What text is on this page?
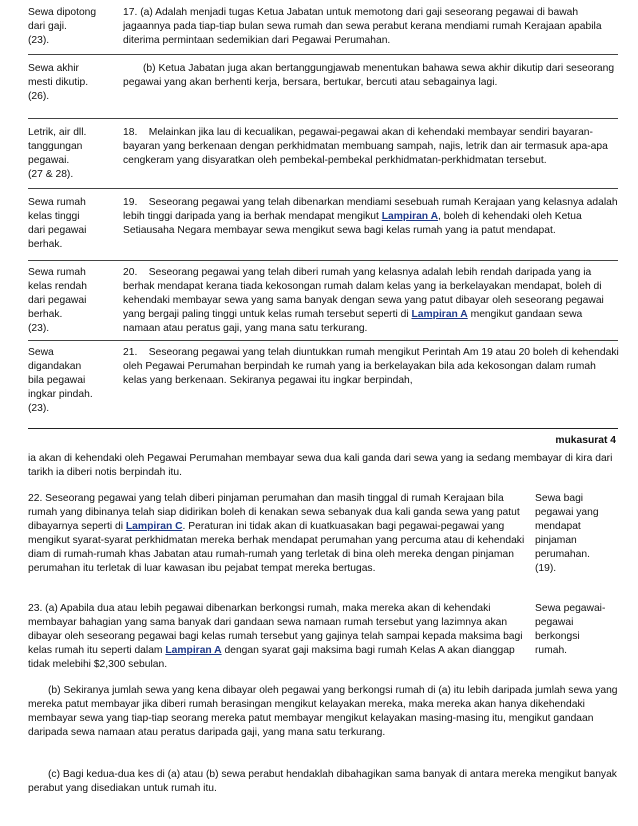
Sewa dipotong
dari gaji.
(23).
17. (a) Adalah menjadi tugas Ketua Jabatan untuk memotong dari gaji seseorang pegawai di bawah jagaannya pada tiap-tiap bulan sewa rumah dan sewa perabut kerana mendiami rumah Kerajaan apabila diterima permintaan sedemikian dari Pegawai Perumahan.
Sewa akhir
mesti dikutip.
(26).
(b) Ketua Jabatan juga akan bertanggungjawab menentukan bahawa sewa akhir dikutip dari seseorang pegawai yang akan berhenti kerja, bersara, bertukar, bercuti atau sebagainya lagi.
Letrik, air dll.
tanggungan
pegawai.
(27 & 28).
18. Melainkan jika lau di kecualikan, pegawai-pegawai akan di kehendaki membayar sendiri bayaran-bayaran yang berkenaan dengan perkhidmatan membuang sampah, najis, letrik dan air termasuk apa-apa cengkeram yang disyaratkan oleh pembekal-pembekal perkhidmatan-perkhidmatan tersebut.
Sewa rumah
kelas tinggi
dari pegawai
berhak.
19. Seseorang pegawai yang telah dibenarkan mendiami sesebuah rumah Kerajaan yang kelasnya adalah lebih tinggi daripada yang ia berhak mendapat mengikut Lampiran A, boleh di kehendaki oleh Ketua Setiausaha Negara membayar sewa mengikut sewa bagi kelas rumah yang ia patut mendapat.
Sewa rumah
kelas rendah
dari pegawai
berhak.
(23).
20. Seseorang pegawai yang telah diberi rumah yang kelasnya adalah lebih rendah daripada yang ia berhak mendapat kerana tiada kekosongan rumah dalam kelas yang ia berkelayakan mendapat, boleh di kehendaki membayar sewa yang sama banyak dengan sewa yang patut dibayar oleh seseorang pegawai yang bergaji paling tinggi untuk kelas rumah tersebut seperti di Lampiran A mengikut gandaan sewa namaan atau peratus gaji, yang mana satu terkurang.
Sewa
digandakan
bila pegawai
ingkar pindah.
(23).
21. Seseorang pegawai yang telah diuntukkan rumah mengikut Perintah Am 19 atau 20 boleh di kehendaki oleh Pegawai Perumahan berpindah ke rumah yang ia berkelayakan bila ada kekosongan dalam rumah kelas yang berkenaan. Sekiranya pegawai itu ingkar berpindah,
mukasurat 4
ia akan di kehendaki oleh Pegawai Perumahan membayar sewa dua kali ganda dari sewa yang ia sedang membayar di kira dari tarikh ia diberi notis berpindah itu.
22. Seseorang pegawai yang telah diberi pinjaman perumahan dan masih tinggal di rumah Kerajaan bila rumah yang dibinanya telah siap didirikan boleh di kenakan sewa sebanyak dua kali ganda sewa yang patut dibayarnya seperti di Lampiran C. Peraturan ini tidak akan di kuatkuasakan bagi pegawai-pegawai yang mengikut syarat-syarat perkhidmatan mereka berhak mendapat perumahan yang percuma atau di kehendaki diam di rumah-rumah khas Jabatan atau rumah-rumah yang terletak di bina oleh mereka dengan pinjaman perumahan itu terletak di luar kawasan ibu pejabat tempat mereka bertugas.
Sewa bagi
pegawai yang
mendapat
pinjaman
perumahan.
(19).
23. (a) Apabila dua atau lebih pegawai dibenarkan berkongsi rumah, maka mereka akan di kehendaki membayar bahagian yang sama banyak dari gandaan sewa namaan rumah tersebut yang lazimnya akan dibayar oleh seseorang pegawai bagi kelas rumah tersebut yang gajinya telah sampai kepada maksima bagi kelas rumah itu seperti dalam Lampiran A dengan syarat gaji maksima bagi rumah Kelas A akan dianggap tidak melebihi $2,300 sebulan.
Sewa pegawai-
pegawai
berkongsi
rumah.
(b) Sekiranya jumlah sewa yang kena dibayar oleh pegawai yang berkongsi rumah di (a) itu lebih daripada jumlah sewa yang mereka patut membayar jika diberi rumah berasingan mengikut kelayakan mereka, maka mereka akan hanya dikehendaki membayar sewa yang tiap-tiap seorang mereka patut membayar mengikut kelayakan masing-masing itu, mengikut gandaan daripada sewa namaan atau peratus daripada gaji, yang mana satu terkurang.
(c) Bagi kedua-dua kes di (a) atau (b) sewa perabut hendaklah dibahagikan sama banyak di antara mereka mengikut banyak perabut yang disediakan untuk rumah itu.
